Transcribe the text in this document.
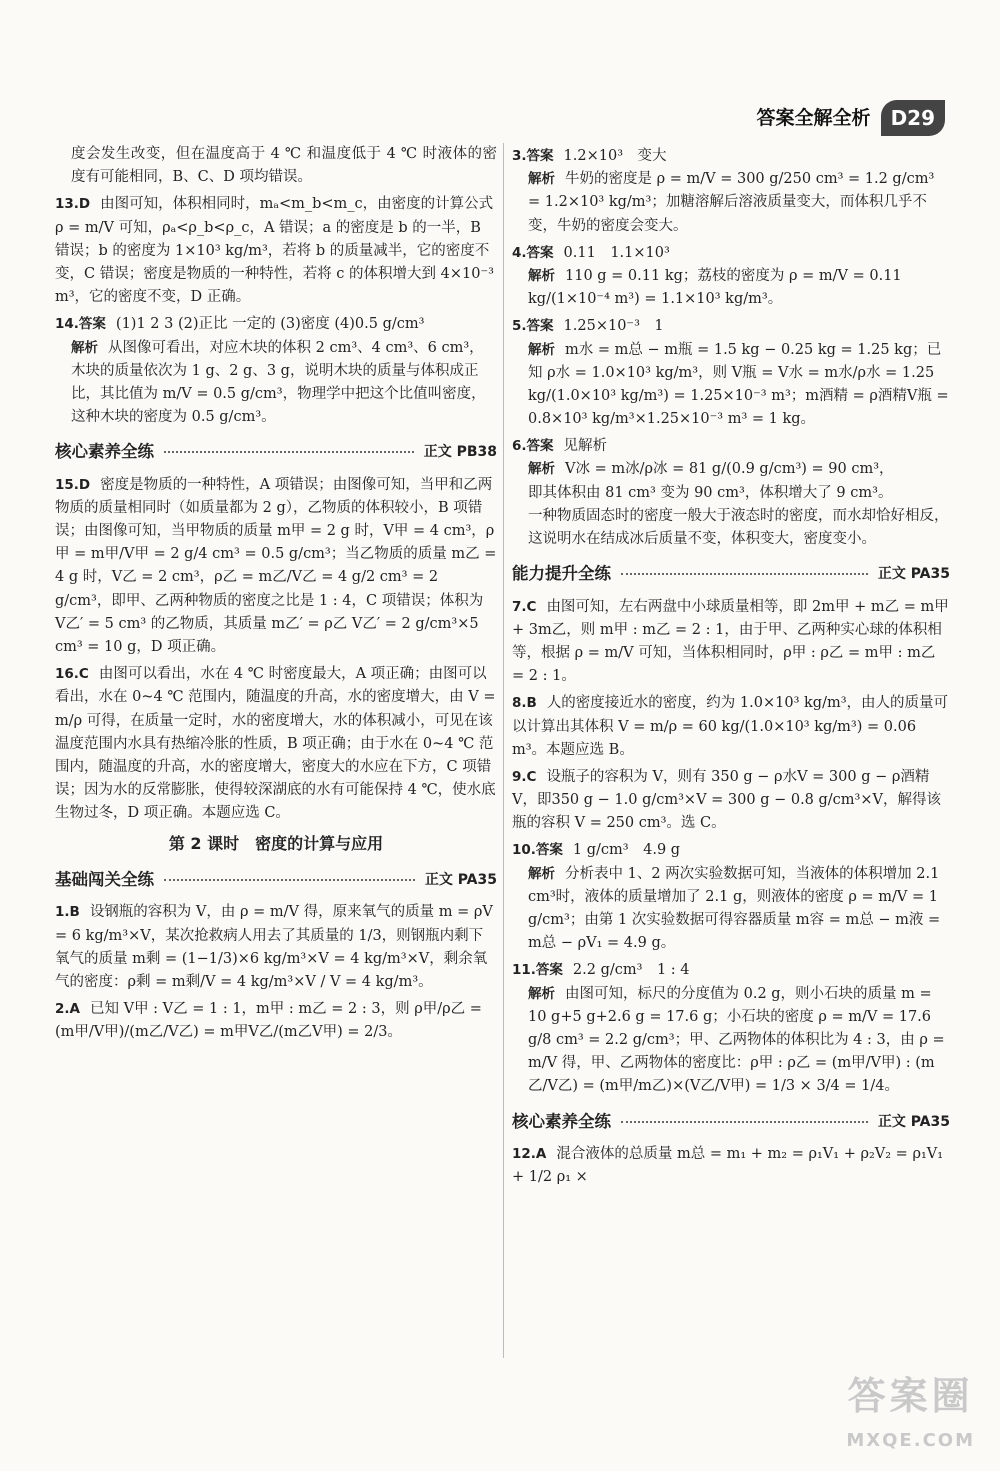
答案全解全析	D29

度会发生改变，但在温度高于 4 ℃ 和温度低于 4 ℃ 时液体的密度有可能相同，B、C、D 项均错误。

13.D 由图可知，体积相同时，mₐ<m_b<m_c，由密度的计算公式 ρ = m/V 可知，ρₐ<ρ_b<ρ_c，A 错误；a 的密度是 b 的一半，B 错误；b 的密度为 1×10³ kg/m³，若将 b 的质量减半，它的密度不变，C 错误；密度是物质的一种特性，若将 c 的体积增大到 4×10⁻³ m³，它的密度不变，D 正确。
14.答案 (1)1 2 3 (2)正比 一定的 (3)密度 (4)0.5 g/cm³
解析 从图像可看出，对应木块的体积 2 cm³、4 cm³、6 cm³，木块的质量依次为 1 g、2 g、3 g，说明木块的质量与体积成正比，其比值为 m/V = 0.5 g/cm³，物理学中把这个比值叫密度，这种木块的密度为 0.5 g/cm³。
核心素养全练	正文 PB38
15.D 密度是物质的一种特性，A 项错误；由图像可知，当甲和乙两物质的质量相同时（如质量都为 2 g），乙物质的体积较小，B 项错误；由图像可知，当甲物质的质量 m甲 = 2 g 时，V甲 = 4 cm³，ρ甲 = m甲/V甲 = 2 g/4 cm³ = 0.5 g/cm³；当乙物质的质量 m乙 = 4 g 时，V乙 = 2 cm³，ρ乙 = m乙/V乙 = 4 g/2 cm³ = 2 g/cm³，即甲、乙两种物质的密度之比是 1 : 4，C 项错误；体积为 V乙′ = 5 cm³ 的乙物质，其质量 m乙′ = ρ乙 V乙′ = 2 g/cm³×5 cm³ = 10 g，D 项正确。
16.C 由图可以看出，水在 4 ℃ 时密度最大，A 项正确；由图可以看出，水在 0~4 ℃ 范围内，随温度的升高，水的密度增大，由 V = m/ρ 可得，在质量一定时，水的密度增大，水的体积减小，可见在该温度范围内水具有热缩冷胀的性质，B 项正确；由于水在 0~4 ℃ 范围内，随温度的升高，水的密度增大，密度大的水应在下方，C 项错误；因为水的反常膨胀，使得较深湖底的水有可能保持 4 ℃，使水底生物过冬，D 项正确。本题应选 C。
第 2 课时　密度的计算与应用
基础闯关全练	正文 PA35
1.B 设钢瓶的容积为 V，由 ρ = m/V 得，原来氧气的质量 m = ρV = 6 kg/m³×V，某次抢救病人用去了其质量的 1/3，则钢瓶内剩下氧气的质量 m剩 = (1−1/3)×6 kg/m³×V = 4 kg/m³×V，剩余氧气的密度：ρ剩 = m剩/V = 4 kg/m³×V / V = 4 kg/m³。
2.A 已知 V甲 : V乙 = 1 : 1，m甲 : m乙 = 2 : 3，则 ρ甲/ρ乙 = (m甲/V甲)/(m乙/V乙) = m甲V乙/(m乙V甲) = 2/3。
3.答案 1.2×10³　变大
解析 牛奶的密度是 ρ = m/V = 300 g/250 cm³ = 1.2 g/cm³ = 1.2×10³ kg/m³；加糖溶解后溶液质量变大，而体积几乎不变，牛奶的密度会变大。
4.答案 0.11　1.1×10³
解析 110 g = 0.11 kg；荔枝的密度为 ρ = m/V = 0.11 kg/(1×10⁻⁴ m³) = 1.1×10³ kg/m³。
5.答案 1.25×10⁻³　1
解析 m水 = m总 − m瓶 = 1.5 kg − 0.25 kg = 1.25 kg；已知 ρ水 = 1.0×10³ kg/m³，则 V瓶 = V水 = m水/ρ水 = 1.25 kg/(1.0×10³ kg/m³) = 1.25×10⁻³ m³；m酒精 = ρ酒精V瓶 = 0.8×10³ kg/m³×1.25×10⁻³ m³ = 1 kg。
6.答案 见解析
解析 V冰 = m冰/ρ冰 = 81 g/(0.9 g/cm³) = 90 cm³，
即其体积由 81 cm³ 变为 90 cm³，体积增大了 9 cm³。
一种物质固态时的密度一般大于液态时的密度，而水却恰好相反，这说明水在结成冰后质量不变，体积变大，密度变小。
能力提升全练	正文 PA35
7.C 由图可知，左右两盘中小球质量相等，即 2m甲 + m乙 = m甲 + 3m乙，则 m甲 : m乙 = 2 : 1，由于甲、乙两种实心球的体积相等，根据 ρ = m/V 可知，当体积相同时，ρ甲 : ρ乙 = m甲 : m乙 = 2 : 1。
8.B 人的密度接近水的密度，约为 1.0×10³ kg/m³，由人的质量可以计算出其体积 V = m/ρ = 60 kg/(1.0×10³ kg/m³) = 0.06 m³。本题应选 B。
9.C 设瓶子的容积为 V，则有 350 g − ρ水V = 300 g − ρ酒精V，即350 g − 1.0 g/cm³×V = 300 g − 0.8 g/cm³×V，解得该瓶的容积 V = 250 cm³。选 C。
10.答案 1 g/cm³　4.9 g
解析 分析表中 1、2 两次实验数据可知，当液体的体积增加 2.1 cm³时，液体的质量增加了 2.1 g，则液体的密度 ρ = m/V = 1 g/cm³；由第 1 次实验数据可得容器质量 m容 = m总 − m液 = m总 − ρV₁ = 4.9 g。
11.答案 2.2 g/cm³　1 : 4
解析 由图可知，标尺的分度值为 0.2 g，则小石块的质量 m = 10 g+5 g+2.6 g = 17.6 g；小石块的密度 ρ = m/V = 17.6 g/8 cm³ = 2.2 g/cm³；甲、乙两物体的体积比为 4 : 3，由 ρ = m/V 得，甲、乙两物体的密度比：ρ甲 : ρ乙 = (m甲/V甲) : (m乙/V乙) = (m甲/m乙)×(V乙/V甲) = 1/3 × 3/4 = 1/4。
核心素养全练	正文 PA35
12.A 混合液体的总质量 m总 = m₁ + m₂ = ρ₁V₁ + ρ₂V₂ = ρ₁V₁ + 1/2 ρ₁ ×
答案圈
MXQE.COM
